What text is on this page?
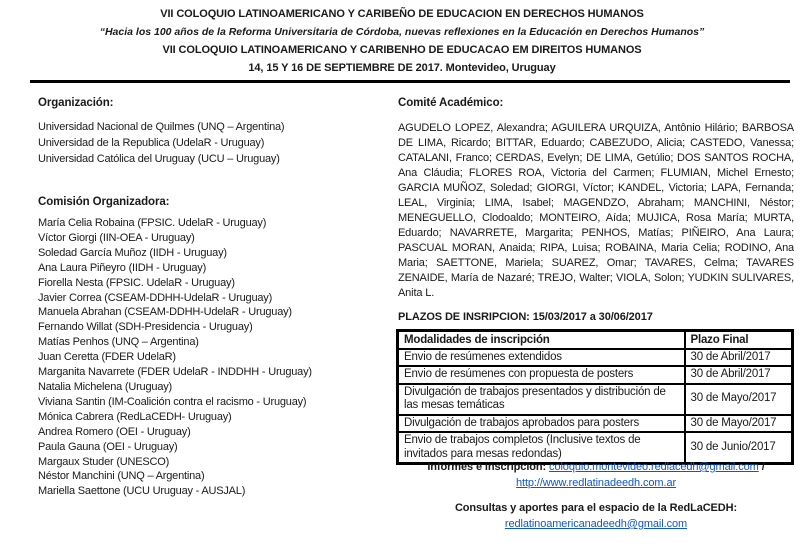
VII COLOQUIO LATINOAMERICANO Y CARIBEÑO DE EDUCACION EN DERECHOS HUMANOS
“Hacia los 100 años de la Reforma Universitaria de Córdoba, nuevas reflexiones en la Educación en Derechos Humanos”
VII COLOQUIO LATINOAMERICANO Y CARIBENHO DE EDUCACAO EM DIREITOS HUMANOS
14, 15 Y 16 DE SEPTIEMBRE DE 2017. Montevideo, Uruguay
Organización:
Universidad Nacional de Quilmes (UNQ – Argentina)
Universidad de la Republica (UdelaR - Uruguay)
Universidad Católica del Uruguay (UCU – Uruguay)
Comisión Organizadora:
María Celia Robaina (FPSIC. UdelaR - Uruguay)
Víctor Giorgi (IIN-OEA - Uruguay)
Soledad García Muñoz (IIDH - Uruguay)
Ana Laura Piñeyro (IIDH - Uruguay)
Fiorella Nesta (FPSIC. UdelaR - Uruguay)
Javier Correa (CSEAM-DDHH-UdelaR - Uruguay)
Manuela Abrahan (CSEAM-DDHH-UdelaR - Uruguay)
Fernando Willat (SDH-Presidencia - Uruguay)
Matías Penhos (UNQ – Argentina)
Juan Ceretta (FDER UdelaR)
Marganita Navarrete (FDER UdelaR - INDDHH - Uruguay)
Natalia Michelena (Uruguay)
Viviana Santin (IM-Coalición contra el racismo - Uruguay)
Mónica Cabrera (RedLaCEDH- Uruguay)
Andrea Romero (OEI - Uruguay)
Paula Gauna (OEI - Uruguay)
Margaux Studer (UNESCO)
Néstor Manchini (UNQ – Argentina)
Mariella Saettone (UCU Uruguay - AUSJAL)
Comité Académico:

AGUDELO LOPEZ, Alexandra; AGUILERA URQUIZA, Antônio Hilário; BARBOSA DE LIMA, Ricardo; BITTAR, Eduardo; CABEZUDO, Alicia; CASTEDO, Vanessa; CATALANI, Franco; CERDAS, Evelyn; DE LIMA, Getúlio; DOS SANTOS ROCHA, Ana Cláudia; FLORES ROA, Victoria del Carmen; FLUMIAN, Michel Ernesto; GARCIA MUÑOZ, Soledad; GIORGI, Víctor; KANDEL, Victoria; LAPA, Fernanda; LEAL, Virginia; LIMA, Isabel; MAGENDZO, Abraham; MANCHINI, Néstor; MENEGUELLO, Clodoaldo; MONTEIRO, Aída; MUJICA, Rosa María; MURTA, Eduardo; NAVARRETE, Margarita; PENHOS, Matías; PIÑEIRO, Ana Laura; PASCUAL MORAN, Anaida; RIPA, Luisa; ROBAINA, Maria Celia; RODINO, Ana Maria; SAETTONE, Mariela; SUAREZ, Omar; TAVARES, Celma; TAVARES ZENAIDE, María de Nazaré; TREJO, Walter; VIOLA, Solon; YUDKIN SULIVARES, Anita L.

PLAZOS DE INSRIPCION: 15/03/2017 a 30/06/2017
Modalidades de inscripción	Plazo Final
Envio de resúmenes extendidos	30 de Abril/2017
Envio de resúmenes con propuesta de posters	30 de Abril/2017
Divulgación de trabajos presentados y distribución de las mesas temáticas	30 de Mayo/2017
Divulgación de trabajos aprobados para posters	30 de Mayo/2017
Envio de trabajos completos (Inclusive textos de invitados para mesas redondas)	30 de Junio/2017
Informes e inscripción: coloquio.montevideo.redlacedh@gmail.com /
http://www.redlatinadeedh.com.ar
Consultas y aportes para el espacio de la RedLaCEDH:
redlatinoamericanadeedh@gmail.com
